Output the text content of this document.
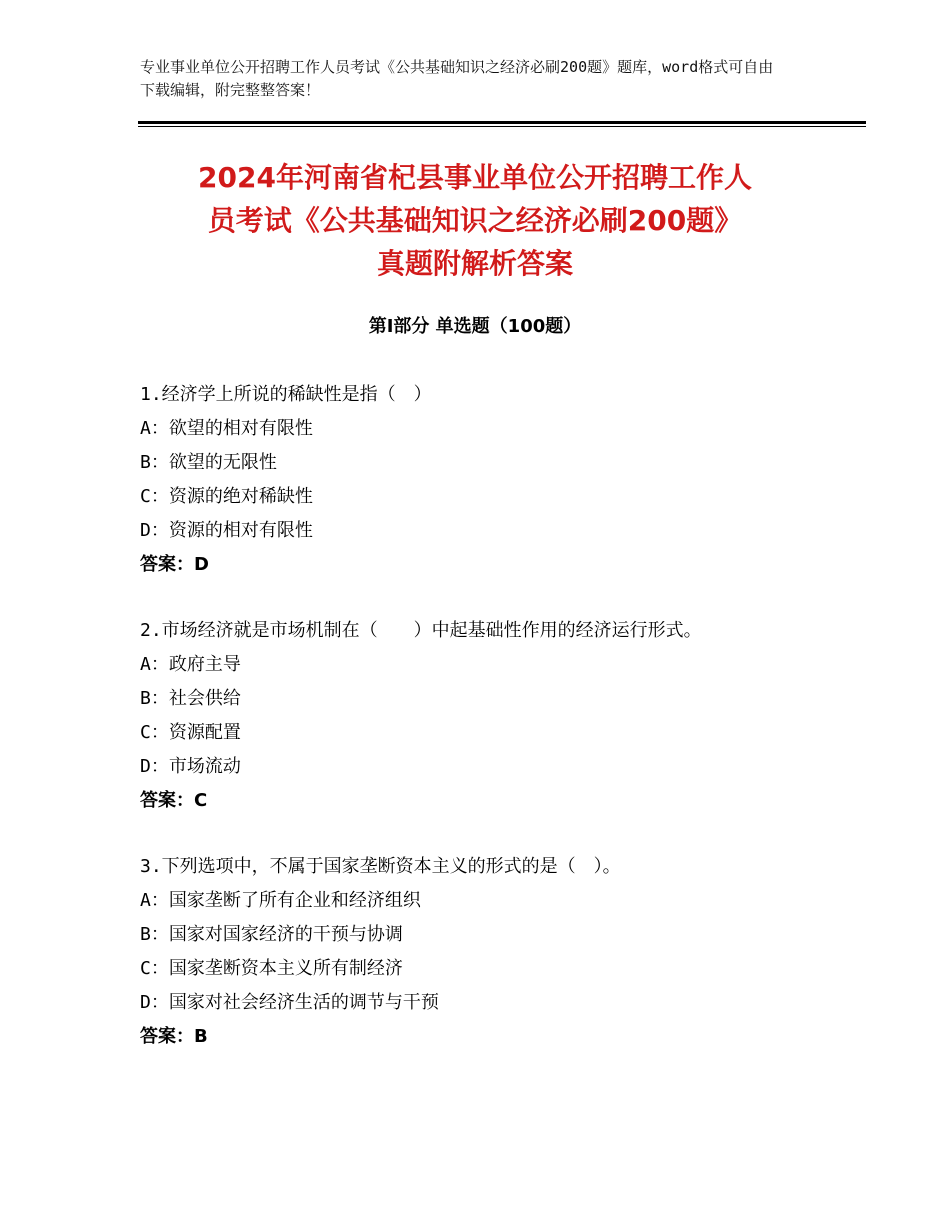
专业事业单位公开招聘工作人员考试《公共基础知识之经济必刷200题》题库，word格式可自由下载编辑，附完整整答案！
2024年河南省杞县事业单位公开招聘工作人
员考试《公共基础知识之经济必刷200题》
真题附解析答案
第Ⅰ部分 单选题（100题）

1.经济学上所说的稀缺性是指（　）

A：欲望的相对有限性

B：欲望的无限性

C：资源的绝对稀缺性

D：资源的相对有限性

答案：D

2.市场经济就是市场机制在（　　）中起基础性作用的经济运行形式。

A：政府主导

B：社会供给

C：资源配置

D：市场流动

答案：C

3.下列选项中，不属于国家垄断资本主义的形式的是（　）。

A：国家垄断了所有企业和经济组织

B：国家对国家经济的干预与协调

C：国家垄断资本主义所有制经济

D：国家对社会经济生活的调节与干预

答案：B
